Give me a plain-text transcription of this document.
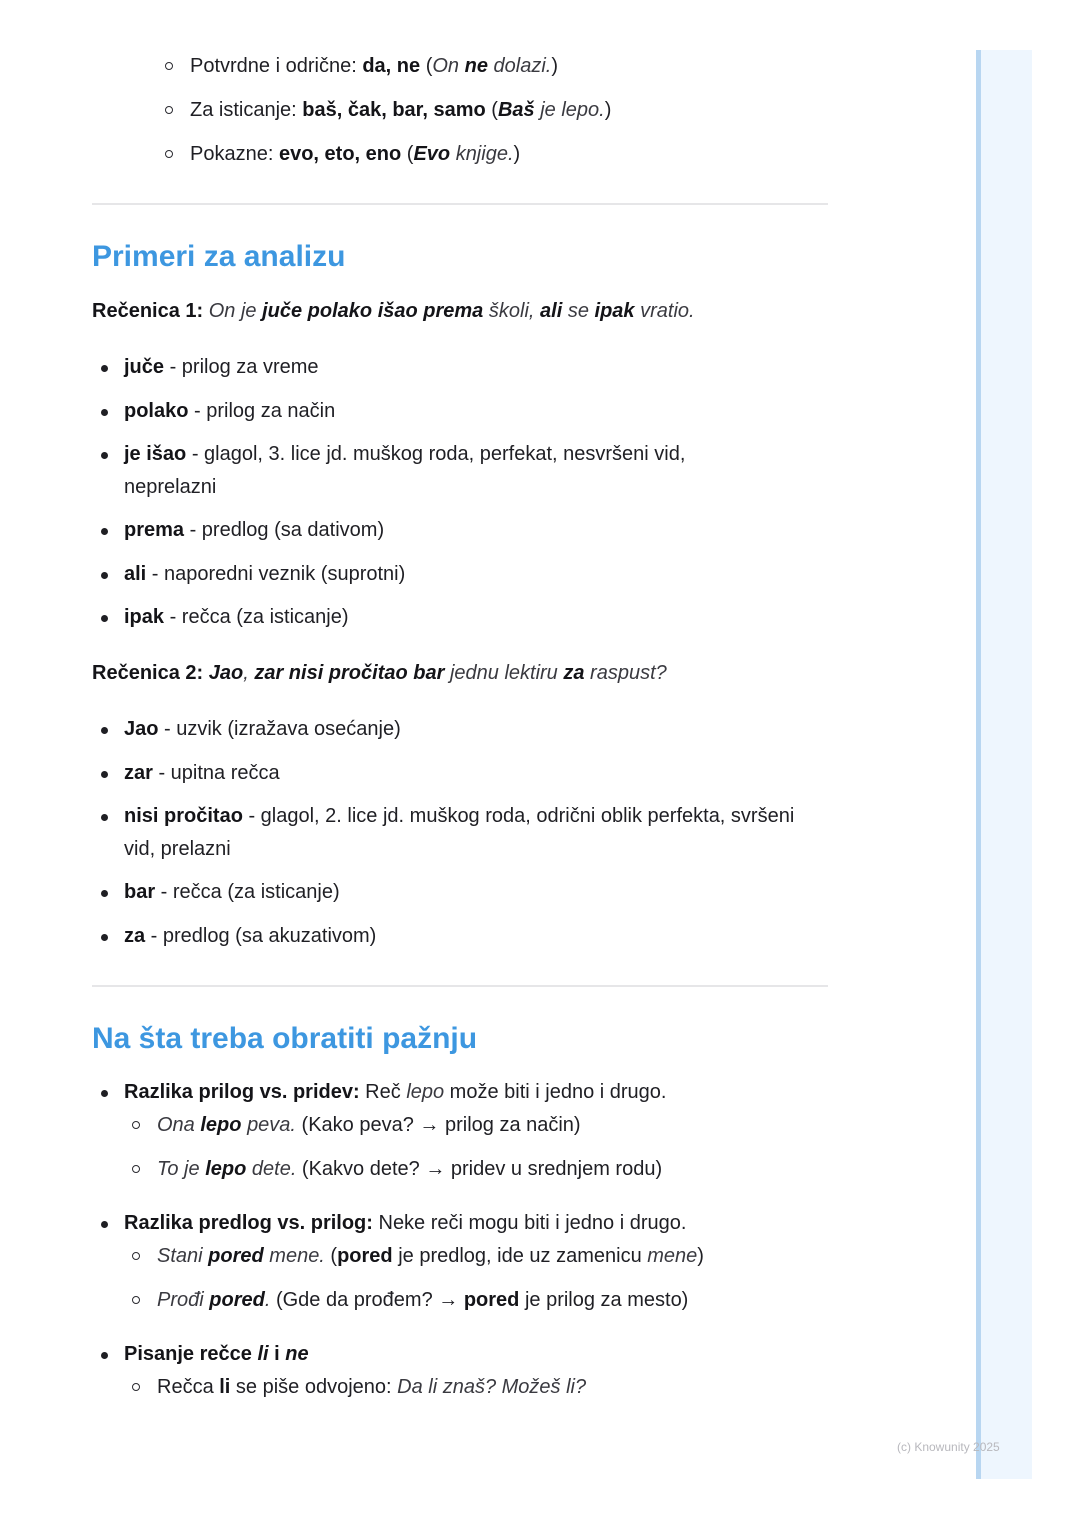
Potvrdne i odrične: da, ne (On ne dolazi.)
Za isticanje: baš, čak, bar, samo (Baš je lepo.)
Pokazne: evo, eto, eno (Evo knjige.)
Primeri za analizu
Rečenica 1: On je juče polako išao prema školi, ali se ipak vratio.
juče - prilog za vreme
polako - prilog za način
je išao - glagol, 3. lice jd. muškog roda, perfekat, nesvršeni vid, neprelazni
prema - predlog (sa dativom)
ali - naporedni veznik (suprotni)
ipak - rečca (za isticanje)
Rečenica 2: Jao, zar nisi pročitao bar jednu lektiru za raspust?
Jao - uzvik (izražava osećanje)
zar - upitna rečca
nisi pročitao - glagol, 2. lice jd. muškog roda, odrični oblik perfekta, svršeni vid, prelazni
bar - rečca (za isticanje)
za - predlog (sa akuzativom)
Na šta treba obratiti pažnju
Razlika prilog vs. pridev: Reč lepo može biti i jedno i drugo.
Ona lepo peva. (Kako peva? → prilog za način)
To je lepo dete. (Kakvo dete? → pridev u srednjem rodu)
Razlika predlog vs. prilog: Neke reči mogu biti i jedno i drugo.
Stani pored mene. (pored je predlog, ide uz zamenicu mene)
Prođi pored. (Gde da prođem? → pored je prilog za mesto)
Pisanje rečce li i ne
Rečca li se piše odvojeno: Da li znaš? Možeš li?
(c) Knowunity 2025
